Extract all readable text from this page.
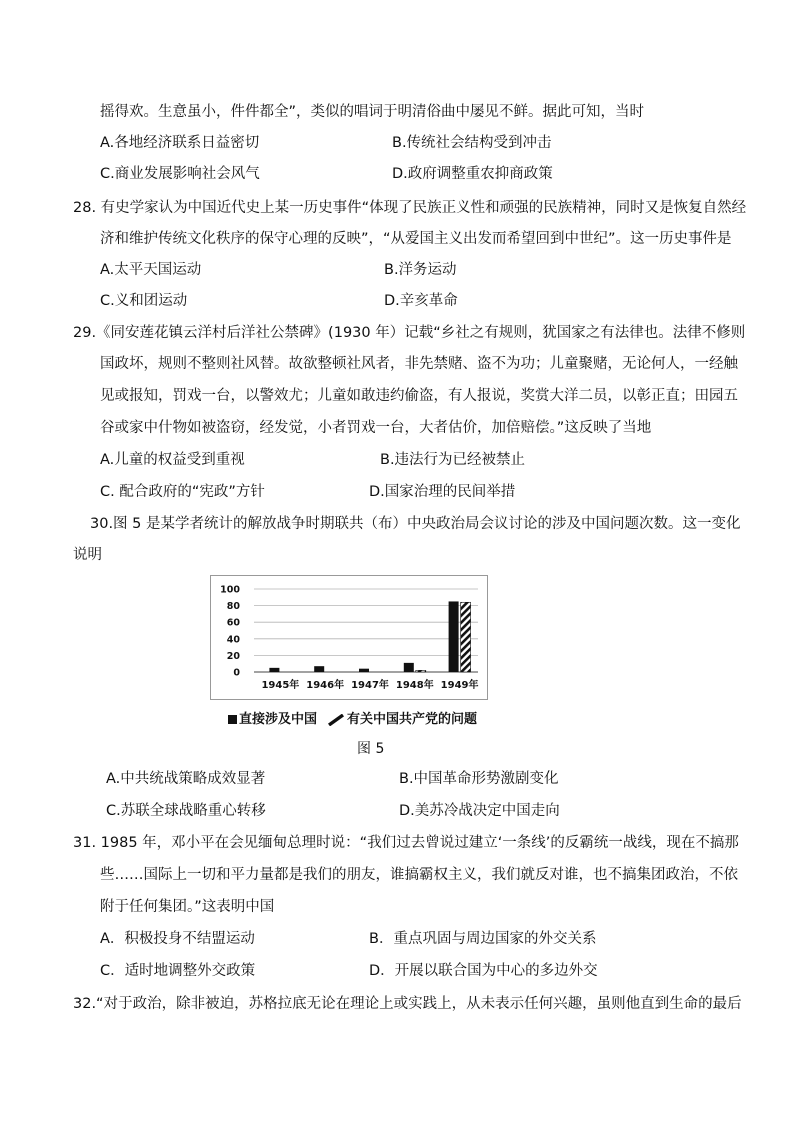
摇得欢。生意虽小，件件都全”，类似的唱词于明清俗曲中屡见不鲜。据此可知，当时
A.各地经济联系日益密切	B.传统社会结构受到冲击
C.商业发展影响社会风气	D.政府调整重农抑商政策
28. 有史学家认为中国近代史上某一历史事件“体现了民族正义性和顽强的民族精神，同时又是恢复自然经
济和维护传统文化秩序的保守心理的反映”，“从爱国主义出发而希望回到中世纪”。这一历史事件是
A.太平天国运动	B.洋务运动
C.义和团运动	D.辛亥革命
29.《同安莲花镇云洋村后洋社公禁碑》(1930 年）记载“乡社之有规则，犹国家之有法律也。法律不修则
国政坏，规则不整则社风替。故欲整顿社风者，非先禁赌、盗不为功；儿童聚赌，无论何人，一经触
见或报知，罚戏一台，以警效尤；儿童如敢违约偷盗，有人报说，奖赏大洋二员，以彰正直；田园五
谷或家中什物如被盗窃，经发觉，小者罚戏一台，大者估价，加倍赔偿。”这反映了当地
A.儿童的权益受到重视	B.违法行为已经被禁止
C. 配合政府的“宪政”方针	D.国家治理的民间举措
30.图 5 是某学者统计的解放战争时期联共（布）中央政治局会议讨论的涉及中国问题次数。这一变化
说明
0
20
40
60
80
100
1945年 1946年 1947年 1948年 1949年
直接涉及中国 有关中国共产党的问题
图 5
A.中共统战策略成效显著	B.中国革命形势激剧变化
C.苏联全球战略重心转移	D.美苏冷战决定中国走向
31. 1985 年，邓小平在会见缅甸总理时说：“我们过去曾说过建立‘一条线’的反霸统一战线，现在不搞那
些……国际上一切和平力量都是我们的朋友，谁搞霸权主义，我们就反对谁，也不搞集团政治，不依
附于任何集团。”这表明中国
A．积极投身不结盟运动	B．重点巩固与周边国家的外交关系
C．适时地调整外交政策	D．开展以联合国为中心的多边外交
32.“对于政治，除非被迫，苏格拉底无论在理论上或实践上，从未表示任何兴趣，虽则他直到生命的最后
